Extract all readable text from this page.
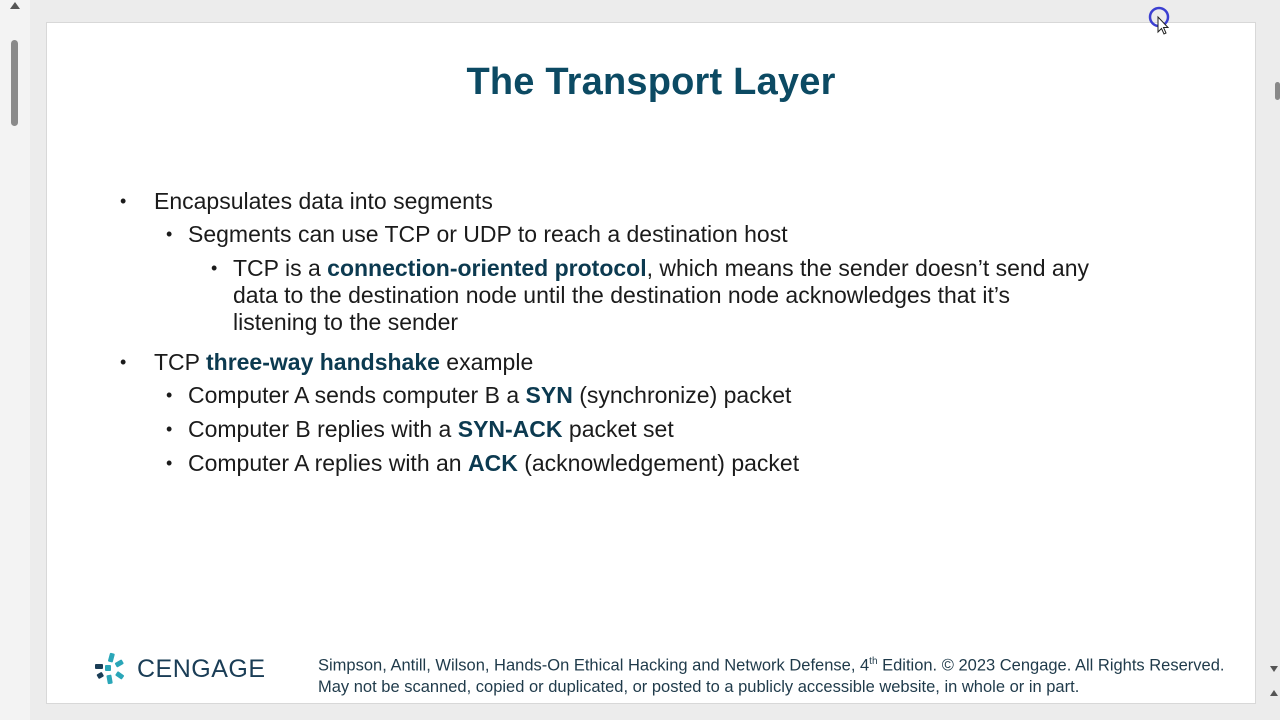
The Transport Layer
• Encapsulates data into segments
• Segments can use TCP or UDP to reach a destination host
• TCP is a connection-oriented protocol, which means the sender doesn’t send any
data to the destination node until the destination node acknowledges that it’s
listening to the sender
• TCP three-way handshake example
• Computer A sends computer B a SYN (synchronize) packet
• Computer B replies with a SYN-ACK packet set
• Computer A replies with an ACK (acknowledgement) packet
CENGAGE	Simpson, Antill, Wilson, Hands-On Ethical Hacking and Network Defense, 4th Edition. © 2023 Cengage. All Rights Reserved. May not be scanned, copied or duplicated, or posted to a publicly accessible website, in whole or in part.
